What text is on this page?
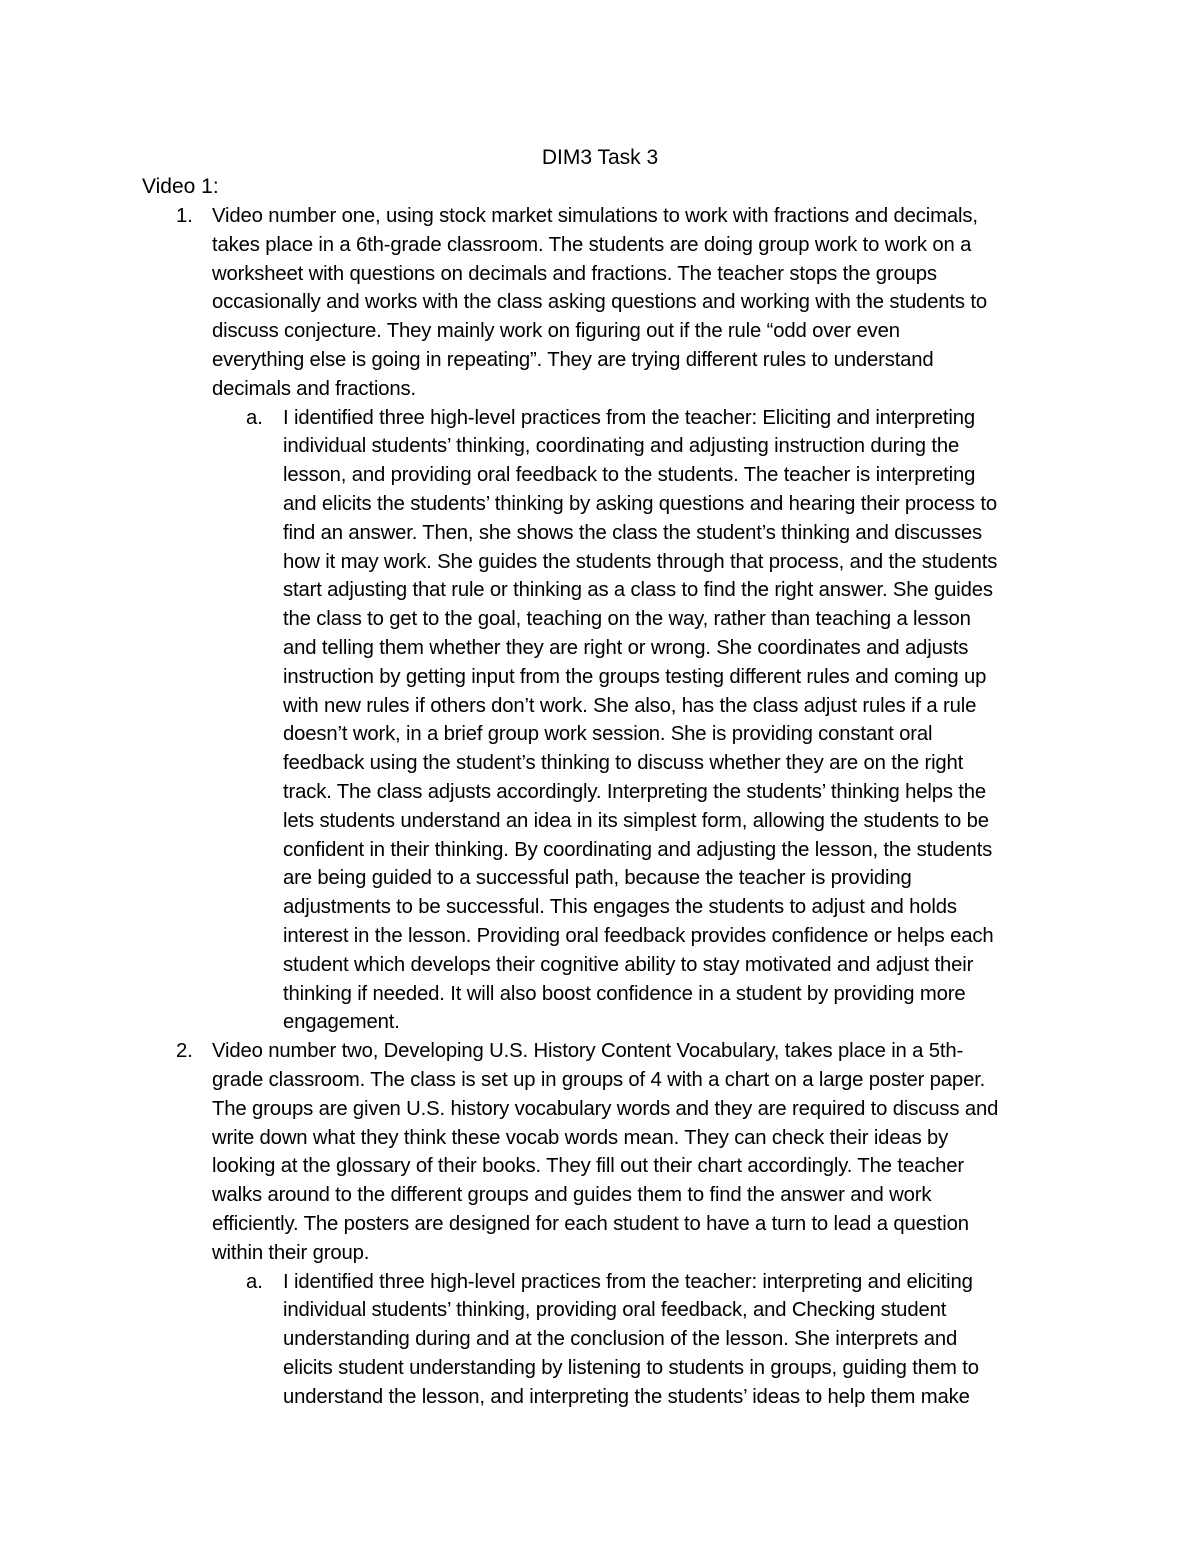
DIM3 Task 3
Video 1:
1. Video number one, using stock market simulations to work with fractions and decimals,
takes place in a 6th-grade classroom. The students are doing group work to work on a
worksheet with questions on decimals and fractions. The teacher stops the groups
occasionally and works with the class asking questions and working with the students to
discuss conjecture. They mainly work on figuring out if the rule “odd over even
everything else is going in repeating”. They are trying different rules to understand
decimals and fractions.
a. I identified three high-level practices from the teacher: Eliciting and interpreting
individual students’ thinking, coordinating and adjusting instruction during the
lesson, and providing oral feedback to the students. The teacher is interpreting
and elicits the students’ thinking by asking questions and hearing their process to
find an answer. Then, she shows the class the student’s thinking and discusses
how it may work. She guides the students through that process, and the students
start adjusting that rule or thinking as a class to find the right answer. She guides
the class to get to the goal, teaching on the way, rather than teaching a lesson
and telling them whether they are right or wrong. She coordinates and adjusts
instruction by getting input from the groups testing different rules and coming up
with new rules if others don’t work. She also, has the class adjust rules if a rule
doesn’t work, in a brief group work session. She is providing constant oral
feedback using the student’s thinking to discuss whether they are on the right
track. The class adjusts accordingly. Interpreting the students’ thinking helps the
lets students understand an idea in its simplest form, allowing the students to be
confident in their thinking. By coordinating and adjusting the lesson, the students
are being guided to a successful path, because the teacher is providing
adjustments to be successful. This engages the students to adjust and holds
interest in the lesson. Providing oral feedback provides confidence or helps each
student which develops their cognitive ability to stay motivated and adjust their
thinking if needed. It will also boost confidence in a student by providing more
engagement.
2. Video number two, Developing U.S. History Content Vocabulary, takes place in a 5th-
grade classroom. The class is set up in groups of 4 with a chart on a large poster paper.
The groups are given U.S. history vocabulary words and they are required to discuss and
write down what they think these vocab words mean. They can check their ideas by
looking at the glossary of their books. They fill out their chart accordingly. The teacher
walks around to the different groups and guides them to find the answer and work
efficiently. The posters are designed for each student to have a turn to lead a question
within their group.
a. I identified three high-level practices from the teacher: interpreting and eliciting
individual students’ thinking, providing oral feedback, and Checking student
understanding during and at the conclusion of the lesson. She interprets and
elicits student understanding by listening to students in groups, guiding them to
understand the lesson, and interpreting the students’ ideas to help them make
